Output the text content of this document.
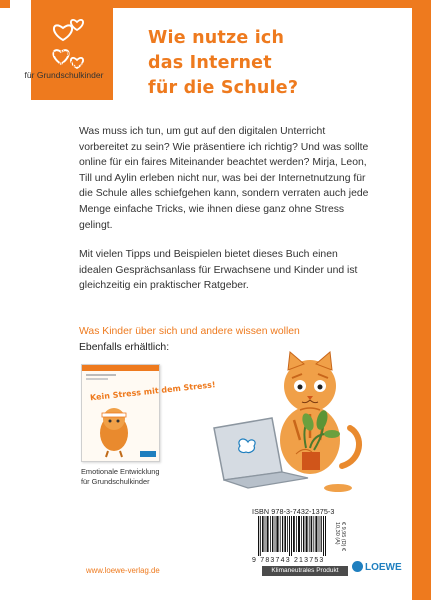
Emotionale
Entwicklung
für Grundschulkinder
Wie nutze ich
das Internet
für die Schule?

Was muss ich tun, um gut auf den digitalen Unterricht vorbereitet zu sein? Wie präsentiere ich richtig? Und was sollte online für ein faires Miteinander beachtet werden? Mirja, Leon, Till und Aylin erleben nicht nur, was bei der Internetnutzung für die Schule alles schiefgehen kann, sondern verraten auch jede Menge einfache Tricks, wie ihnen diese ganz ohne Stress gelingt.

Mit vielen Tipps und Beispielen bietet dieses Buch einen idealen Gesprächsanlass für Erwachsene und Kinder und ist gleichzeitig ein praktischer Ratgeber.

Was Kinder über sich und andere wissen wollen
Ebenfalls erhältlich:
Kein Stress mit dem Stress!
Emotionale Entwicklung
für Grundschulkinder
ISBN 978-3-7432-1375-3
9 783743 213753
€ 9,95 (D) € 10,30 (A)
Klimaneutrales Produkt
www.loewe-verlag.de	LOEWE
